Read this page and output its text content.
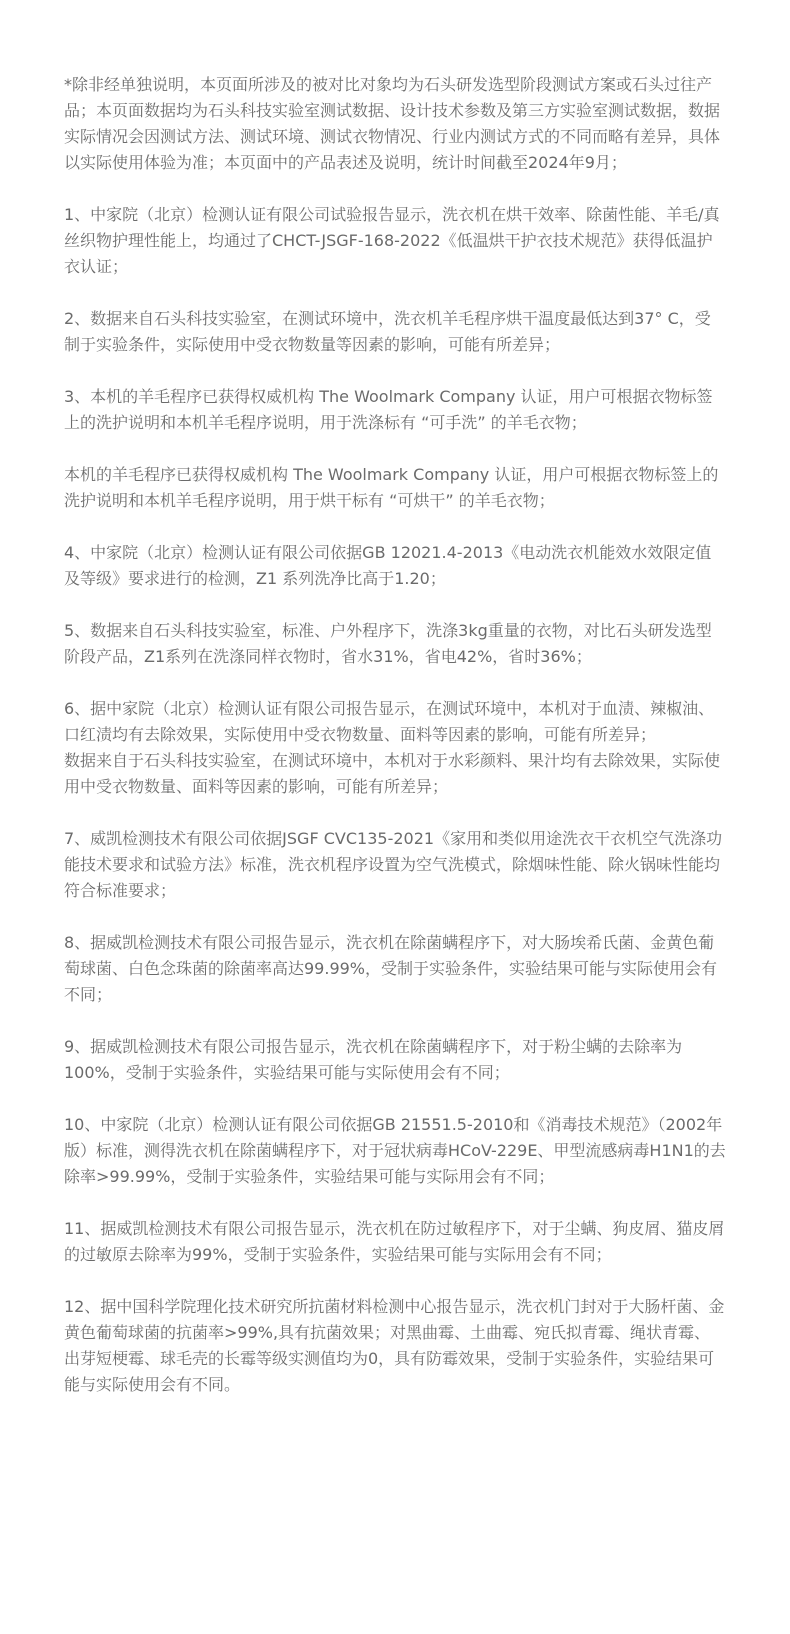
*除非经单独说明，本页面所涉及的被对比对象均为石头研发选型阶段测试方案或石头过往产品；本页面数据均为石头科技实验室测试数据、设计技术参数及第三方实验室测试数据，数据实际情况会因测试方法、测试环境、测试衣物情况、行业内测试方式的不同而略有差异，具体以实际使用体验为准；本页面中的产品表述及说明，统计时间截至2024年9月；

1、中家院（北京）检测认证有限公司试验报告显示，洗衣机在烘干效率、除菌性能、羊毛/真丝织物护理性能上，均通过了CHCT-JSGF-168-2022《低温烘干护衣技术规范》获得低温护衣认证；

2、数据来自石头科技实验室，在测试环境中，洗衣机羊毛程序烘干温度最低达到37° C，受制于实验条件，实际使用中受衣物数量等因素的影响，可能有所差异；

3、本机的羊毛程序已获得权威机构 The Woolmark Company 认证，用户可根据衣物标签上的洗护说明和本机羊毛程序说明，用于洗涤标有 “可手洗” 的羊毛衣物；

本机的羊毛程序已获得权威机构 The Woolmark Company 认证，用户可根据衣物标签上的洗护说明和本机羊毛程序说明，用于烘干标有 “可烘干” 的羊毛衣物；

4、中家院（北京）检测认证有限公司依据GB 12021.4-2013《电动洗衣机能效水效限定值及等级》要求进行的检测，Z1 系列洗净比高于1.20；

5、数据来自石头科技实验室，标准、户外程序下，洗涤3kg重量的衣物，对比石头研发选型阶段产品，Z1系列在洗涤同样衣物时，省水31%，省电42%，省时36%；

6、据中家院（北京）检测认证有限公司报告显示，在测试环境中，本机对于血渍、辣椒油、口红渍均有去除效果，实际使用中受衣物数量、面料等因素的影响，可能有所差异；

数据来自于石头科技实验室，在测试环境中，本机对于水彩颜料、果汁均有去除效果，实际使用中受衣物数量、面料等因素的影响，可能有所差异；

7、威凯检测技术有限公司依据JSGF CVC135-2021《家用和类似用途洗衣干衣机空气洗涤功能技术要求和试验方法》标准，洗衣机程序设置为空气洗模式，除烟味性能、除火锅味性能均符合标准要求；

8、据威凯检测技术有限公司报告显示，洗衣机在除菌螨程序下，对大肠埃希氏菌、金黄色葡萄球菌、白色念珠菌的除菌率高达99.99%，受制于实验条件，实验结果可能与实际使用会有不同；

9、据威凯检测技术有限公司报告显示，洗衣机在除菌螨程序下，对于粉尘螨的去除率为100%，受制于实验条件，实验结果可能与实际使用会有不同；

10、中家院（北京）检测认证有限公司依据GB 21551.5-2010和《消毒技术规范》（2002年版）标准，测得洗衣机在除菌螨程序下，对于冠状病毒HCoV-229E、甲型流感病毒H1N1的去除率>99.99%，受制于实验条件，实验结果可能与实际用会有不同；

11、据威凯检测技术有限公司报告显示，洗衣机在防过敏程序下，对于尘螨、狗皮屑、猫皮屑的过敏原去除率为99%，受制于实验条件，实验结果可能与实际用会有不同；

12、据中国科学院理化技术研究所抗菌材料检测中心报告显示，洗衣机门封对于大肠杆菌、金黄色葡萄球菌的抗菌率>99%,具有抗菌效果；对黑曲霉、土曲霉、宛氏拟青霉、绳状青霉、出芽短梗霉、球毛壳的长霉等级实测值均为0，具有防霉效果，受制于实验条件，实验结果可能与实际使用会有不同。
